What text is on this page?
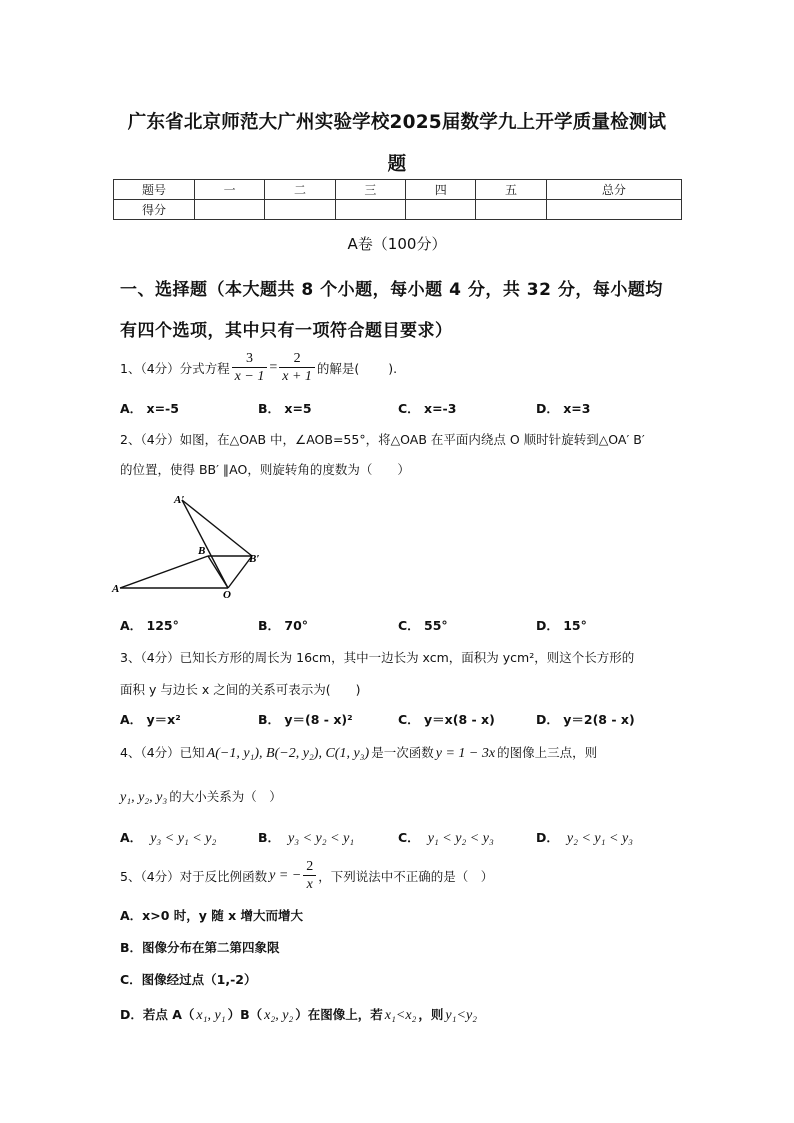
广东省北京师范大广州实验学校2025届数学九上开学质量检测试
题
题号	一	二	三	四	五	总分
得分						
A卷（100分）
一、选择题（本大题共 8 个小题，每小题 4 分，共 32 分，每小题均
有四个选项，其中只有一项符合题目要求）
1、（4分）分式方程 $\frac{3}{x - 1} = \frac{2}{x + 1}$ 的解是(　　 ).
A． x=-5	B． x=5	C． x=-3	D． x=3
2、（4分）如图，在△OAB 中，∠AOB=55°，将△OAB 在平面内绕点 O 顺时针旋转到△OA′ B′
的位置，使得 BB′ ∥AO，则旋转角的度数为（　　）
A′
B
B′
A	O
A． 125°	B． 70°	C． 55°	D． 15°
3、（4分）已知长方形的周长为 16cm，其中一边长为 xcm，面积为 ycm²，则这个长方形的
面积 y 与边长 x 之间的关系可表示为(　　)
A． y＝x²	B． y＝(8 - x)²	C． y＝x(8 - x)	D． y＝2(8 - x)
4、（4分）已知 A(−1, y₁), B(−2, y₂), C(1, y₃) 是一次函数 y = 1 − 3x 的图像上三点，则
y₁, y₂, y₃ 的大小关系为（　）
A． y₃ < y₁ < y₂	B． y₃ < y₂ < y₁	C． y₁ < y₂ < y₃	D． y₂ < y₁ < y₃
5、（4分）对于反比例函数 y = − $\frac{2}{x}$ ，下列说法中不正确的是（　）
A．x>0 时，y 随 x 增大而增大
B．图像分布在第二第四象限
C．图像经过点（1,-2）
D．若点 A（ x₁, y₁ ）B（ x₂, y₂ ）在图像上，若 x₁<x₂ ，则 y₁<y₂
